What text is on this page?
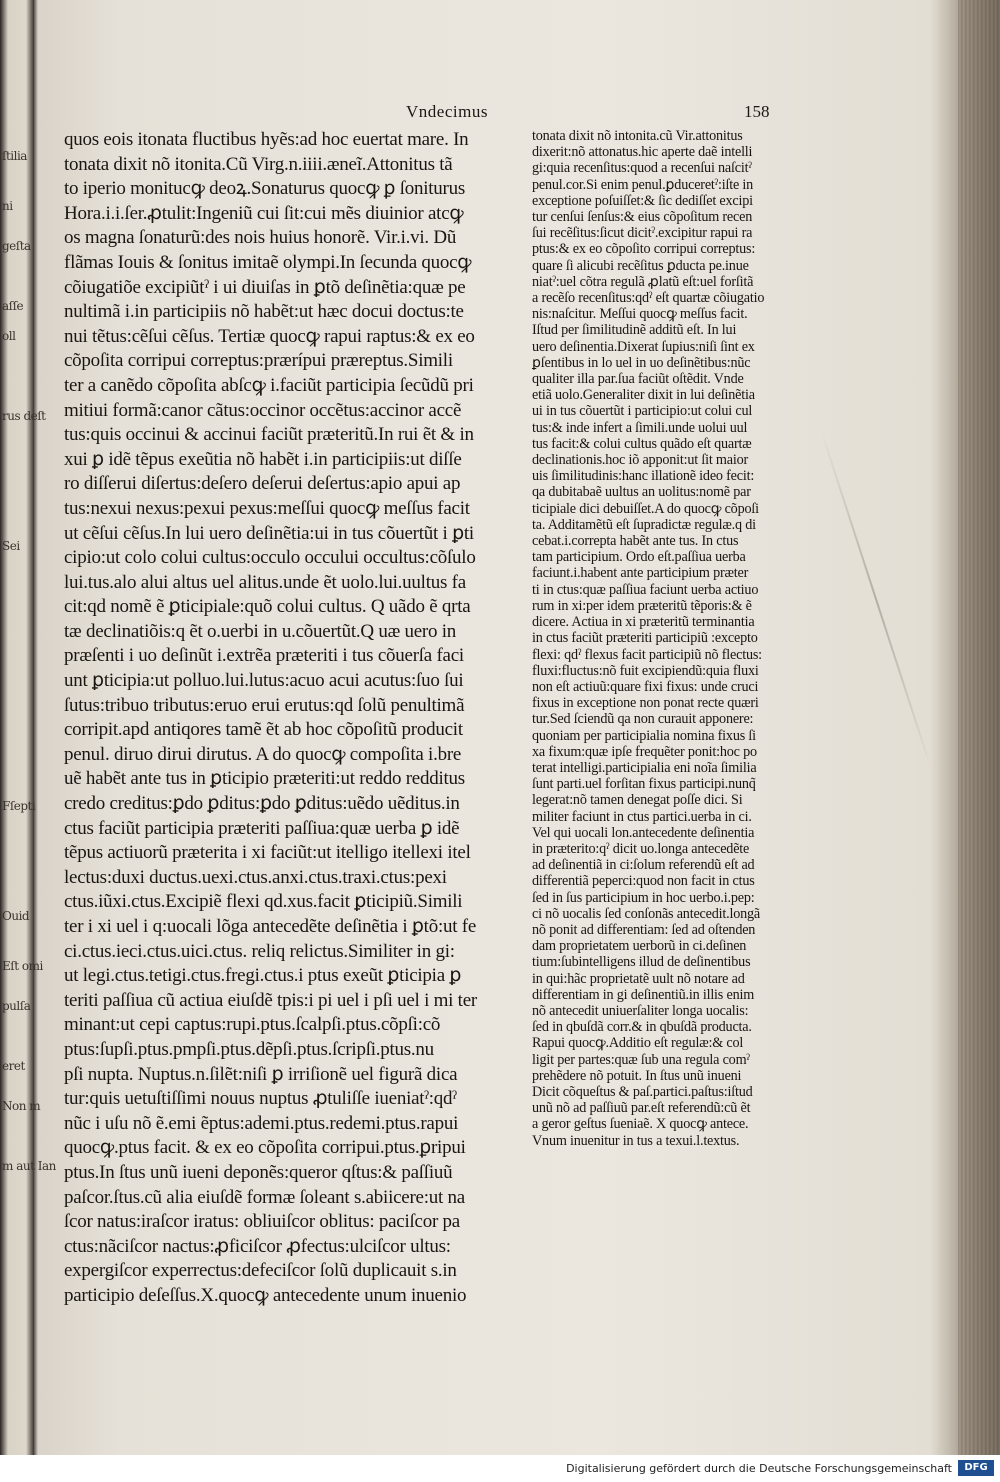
ſtilia
ni
geſta
aſſe
oll
rus deſt
Sei
Fſepti
Ouid
Eſt omi
pulſa
eret
Non m
m aut Ian
Vndecimus	158
quos eois itonata fluctibus hyẽs:ad hoc euertat mare. In
tonata dixit nõ itonita.Cũ Virg.n.iiii.æneĩ.Attonitus tã
to iperio monitucꝙ deoꝝ.Sonaturus quocꝙ ꝑ ſoniturus
Hora.i.i.ſer.ꝓtulit:Ingeniũ cui ſit:cui mẽs diuinior atcꝙ
os magna ſonaturũ:des nois huius honorẽ. Vir.i.vi. Dũ
flãmas Iouis & ſonitus imitaẽ olympi.In ſecunda quocꝙ
cõiugatiõe excipiũtˀ i ui diuiſas in ꝑtõ deſinẽtia:quæ pe
nultimã i.in participiis nõ habẽt:ut hæc docui doctus:te
nui tẽtus:cẽſui cẽſus. Tertiæ quocꝙ rapui raptus:& ex eo
cõpoſita corripui correptus:prærípui præreptus.Simili
ter a canẽdo cõpoſita abſcꝙ i.faciũt participia ſecũdũ pri
mitiui formã:canor cãtus:occinor occẽtus:accinor accẽ
tus:quis occinui & accinui faciũt præteritũ.In rui ẽt & in
xui ꝑ idẽ tẽpus exeũtia nõ habẽt i.in participiis:ut diſſe
ro diſſerui diſertus:deſero deſerui deſertus:apio apui ap
tus:nexui nexus:pexui pexus:meſſui quocꝙ meſſus facit
ut cẽſui cẽſus.In lui uero deſinẽtia:ui in tus cõuertũt i ꝑti
cipio:ut colo colui cultus:occulo occului occultus:cõſulo
lui.tus.alo alui altus uel alitus.unde ẽt uolo.lui.uultus fa
cit:qd nomẽ ẽ ꝑticipiale:quõ colui cultus. Q uãdo ẽ qrta
tæ declinatiõis:q ẽt o.uerbi in u.cõuertũt.Q uæ uero in
præſenti i uo deſinũt i.extrẽa præteriti i tus cõuerſa faci
unt ꝑticipia:ut polluo.lui.lutus:acuo acui acutus:ſuo ſui
ſutus:tribuo tributus:eruo erui erutus:qd ſolũ penultimã
corripit.apd antiqores tamẽ ẽt ab hoc cõpoſitũ producit
penul. diruo dirui dirutus. A do quocꝙ compoſita i.bre
uẽ habẽt ante tus in ꝑticipio præteriti:ut reddo redditus
credo creditus:ꝑdo ꝑditus:ꝑdo ꝑditus:uẽdo uẽditus.in
ctus faciũt participia præteriti paſſiua:quæ uerba ꝑ idẽ
tẽpus actiuorũ præterita i xi faciũt:ut itelligo itellexi itel
lectus:duxi ductus.uexi.ctus.anxi.ctus.traxi.ctus:pexi
ctus.iũxi.ctus.Excipiẽ flexi qd.xus.facit ꝑticipiũ.Simili
ter i xi uel i q:uocali lõga antecedẽte deſinẽtia i ꝑtõ:ut fe
ci.ctus.ieci.ctus.uici.ctus. reliq relictus.Similiter in gi:
ut legi.ctus.tetigi.ctus.fregi.ctus.i ptus exeũt ꝑticipia ꝑ
teriti paſſiua cũ actiua eiuſdẽ tpis:i pi uel i pſi uel i mi ter
minant:ut cepi captus:rupi.ptus.ſcalpſi.ptus.cõpſi:cõ
ptus:ſupſi.ptus.pmpſi.ptus.dẽpſi.ptus.ſcripſi.ptus.nu
pſi nupta. Nuptus.n.ſilẽt:niſi ꝑ irriſionẽ uel figurã dica
tur:quis uetuſtiſſimi nouus nuptus ꝓtuliſſe iueniatˀ:qdˀ
nũc i uſu nõ ẽ.emi ẽptus:ademi.ptus.redemi.ptus.rapui
quocꝙ.ptus facit. & ex eo cõpoſita corripui.ptus.ꝑripui
ptus.In ſtus unũ iueni deponẽs:queror qſtus:& paſſiuũ
paſcor.ſtus.cũ alia eiuſdẽ formæ ſoleant s.abiicere:ut na
ſcor natus:iraſcor iratus: obliuiſcor oblitus: paciſcor pa
ctus:nãciſcor nactus:ꝓficiſcor ꝓfectus:ulciſcor ultus:
expergiſcor experrectus:defeciſcor ſolũ duplicauit s.in
participio deſeſſus.X.quocꝙ antecedente unum inuenio
tonata dixit nõ intonita.cũ Vir.attonitus
dixerit:nõ attonatus.hic aperte daẽ intelli
gi:quia recenſitus:quod a recenſui naſcitˀ
penul.cor.Si enim penul.ꝑduceretˀ:iſte in
exceptione poſuiſſet:& ſic dediſſet excipi
tur cenſui ſenſus:& eius cõpoſitum recen
ſui recẽſitus:ſicut dicitˀ.excipitur rapui ra
ptus:& ex eo cõpoſito corripui correptus:
quare ſi alicubi recẽſitus ꝑducta pe.inue
niatˀ:uel cõtra regulã ꝓlatũ eſt:uel forſitã
a recẽſo recenſitus:qdˀ eſt quartæ cõiugatio
nis:naſcitur. Meſſui quocꝙ meſſus facit.
Iſtud per ſimilitudinẽ additũ eſt. In lui
uero deſinentia.Dixerat ſupius:niſi ſint ex
ꝑſentibus in lo uel in uo deſinẽtibus:nũc
qualiter illa par.ſua faciũt oſtẽdit. Vnde
etiã uolo.Generaliter dixit in lui deſinẽtia
ui in tus cõuertũt i participio:ut colui cul
tus:& inde infert a ſimili.unde uolui uul
tus facit:& colui cultus quãdo eſt quartæ
declinationis.hoc iõ apponit:ut ſit maior
uis ſimilitudinis:hanc illationẽ ideo fecit:
qa dubitabaẽ uultus an uolitus:nomẽ par
ticipiale dici debuiſſet.A do quocꝙ cõpoſi
ta. Additamẽtũ eſt ſupradictæ regulæ.q di
cebat.i.correpta habẽt ante tus. In ctus
tam participium. Ordo eſt.paſſiua uerba
faciunt.i.habent ante participium præter
ti in ctus:quæ paſſiua faciunt uerba actiuo
rum in xi:per idem præteritũ tẽporis:& ẽ
dicere. Actiua in xi præteritũ terminantia
in ctus faciũt præteriti participiũ :excepto
flexi: qdˀ flexus facit participiũ nõ flectus:
fluxi:fluctus:nõ fuit excipiendũ:quia fluxi
non eſt actiuũ:quare fixi fixus: unde cruci
fixus in exceptione non ponat recte quæri
tur.Sed ſciendũ qa non curauit apponere:
quoniam per participialia nomina fixus ſi
xa fixum:quæ ipſe frequẽter ponit:hoc po
terat intelligi.participialia eni noĩa ſimilia
ſunt parti.uel forſitan fixus participi.nunq̃
legerat:nõ tamen denegat poſſe dici. Si
militer faciunt in ctus partici.uerba in ci.
Vel qui uocali lon.antecedente deſinentia
in præterito:qˀ dicit uo.longa antecedẽte
ad deſinentiã in ci:ſolum referendũ eſt ad
differentiã peperci:quod non facit in ctus
ſed in ſus participium in hoc uerbo.i.pep:
ci nõ uocalis ſed conſonãs antecedit.longã
nõ ponit ad differentiam: ſed ad oſtenden
dam proprietatem uerborũ in ci.deſinen
tium:ſubintelligens illud de deſinentibus
in qui:hãc proprietatẽ uult nõ notare ad
differentiam in gi deſinentiũ.in illis enim
nõ antecedit uniuerſaliter longa uocalis:
ſed in qbuſdã corr.& in qbuſdã producta.
Rapui quocꝙ.Additio eſt regulæ:& col
ligit per partes:quæ ſub una regula comˀ
prehẽdere nõ potuit. In ſtus unũ inueni
Dicit cõqueſtus & paſ.partici.paſtus:iſtud
unũ nõ ad paſſiuũ par.eſt referendũ:cũ ẽt
a geror geſtus ſueniaẽ. X quocꝙ antece.
Vnum inuenitur in tus a texui.l.textus.
Digitalisierung gefördert durch die Deutsche Forschungsgemeinschaft	DFG
